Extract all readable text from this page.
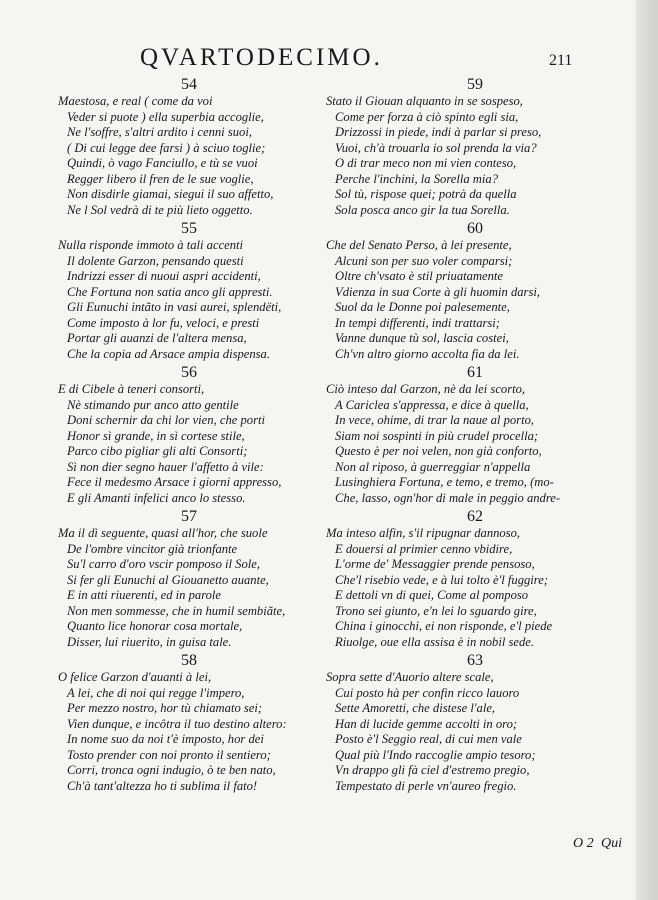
QVARTODECIMO.	211
54
Maestosa, e real ( come da voi
Veder si puote ) ella superbia accoglie,
Ne l'soffre, s'altri ardito i cenni suoi,
( Di cui legge dee farsi ) à sciuo toglie;
Quindi, ò vago Fanciullo, e tù se vuoi
Regger libero il fren de le sue voglie,
Non disdirle giamai, siegui il suo affetto,
Ne l Sol vedrà di te più lieto oggetto.
55
Nulla risponde immoto à tali accenti
Il dolente Garzon, pensando questi
Indrizzi esser di nuoui aspri accidenti,
Che Fortuna non satia anco gli appresti.
Gli Eunuchi intãto in vasi aurei, splendëti,
Come imposto à lor fu, veloci, e presti
Portar gli auanzi de l'altera mensa,
Che la copia ad Arsace ampia dispensa.
56
E di Cibele à teneri consorti,
Nè stimando pur anco atto gentile
Doni schernir da chi lor vien, che porti
Honor sì grande, in sì cortese stile,
Parco cibo pigliar gli alti Consorti;
Sì non dier segno hauer l'affetto à vile:
Fece il medesmo Arsace i giorni appresso,
E gli Amanti infelici anco lo stesso.
57
Ma il dì seguente, quasi all'hor, che suole
De l'ombre vincitor già trionfante
Su'l carro d'oro vscir pomposo il Sole,
Si fer gli Eunuchi al Giouanetto auante,
E in atti riuerenti, ed in parole
Non men sommesse, che in humil sembiãte,
Quanto lice honorar cosa mortale,
Disser, lui riuerito, in guisa tale.
58
O felice Garzon d'auanti à lei,
A lei, che di noi qui regge l'impero,
Per mezzo nostro, hor tù chiamato sei;
Vien dunque, e incôtra il tuo destino altero:
In nome suo da noi t'è imposto, hor dei
Tosto prender con noi pronto il sentiero;
Corri, tronca ogni indugio, ò te ben nato,
Ch'à tant'altezza ho ti sublima il fato!
59
Stato il Giouan alquanto in se sospeso,
Come per forza à ciò spinto egli sia,
Drizzossi in piede, indi à parlar si preso,
Vuoi, ch'à trouarla io sol prenda la via?
O di trar meco non mi vien conteso,
Perche l'inchini, la Sorella mia?
Sol tù, rispose quei; potrà da quella
Sola posca anco gir la tua Sorella.
60
Che del Senato Perso, à lei presente,
Alcuni son per suo voler comparsi;
Oltre ch'vsato è stil priuatamente
Vdienza in sua Corte à gli huomin darsi,
Suol da le Donne poi palesemente,
In tempi differenti, indi trattarsi;
Vanne dunque tù sol, lascia costei,
Ch'vn altro giorno accolta fia da lei.
61
Ciò inteso dal Garzon, nè da lei scorto,
A Cariclea s'appressa, e dice à quella,
In vece, ohime, di trar la naue al porto,
Siam noi sospinti in più crudel procella;
Questo è per noi velen, non già conforto,
Non al riposo, à guerreggiar n'appella
Lusinghiera Fortuna, e temo, e tremo, (mo-
Che, lasso, ogn'hor di male in peggio andre-
62
Ma inteso alfin, s'il ripugnar dannoso,
E douersi al primier cenno vbidire,
L'orme de' Messaggier prende pensoso,
Che'l risebio vede, e à lui tolto è'l fuggire;
E dettoli vn di quei, Come al pomposo
Trono sei giunto, e'n lei lo sguardo gire,
China i ginocchi, ei non risponde, e'l piede
Riuolge, oue ella assisa è in nobil sede.
63
Sopra sette d'Auorio altere scale,
Cui posto hà per confin ricco lauoro
Sette Amoretti, che distese l'ale,
Han di lucide gemme accolti in oro;
Posto è'l Seggio real, di cui men vale
Qual più l'Indo raccoglie ampio tesoro;
Vn drappo gli fà ciel d'estremo pregio,
Tempestato di perle vn'aureo fregio.
O 2 Qui
